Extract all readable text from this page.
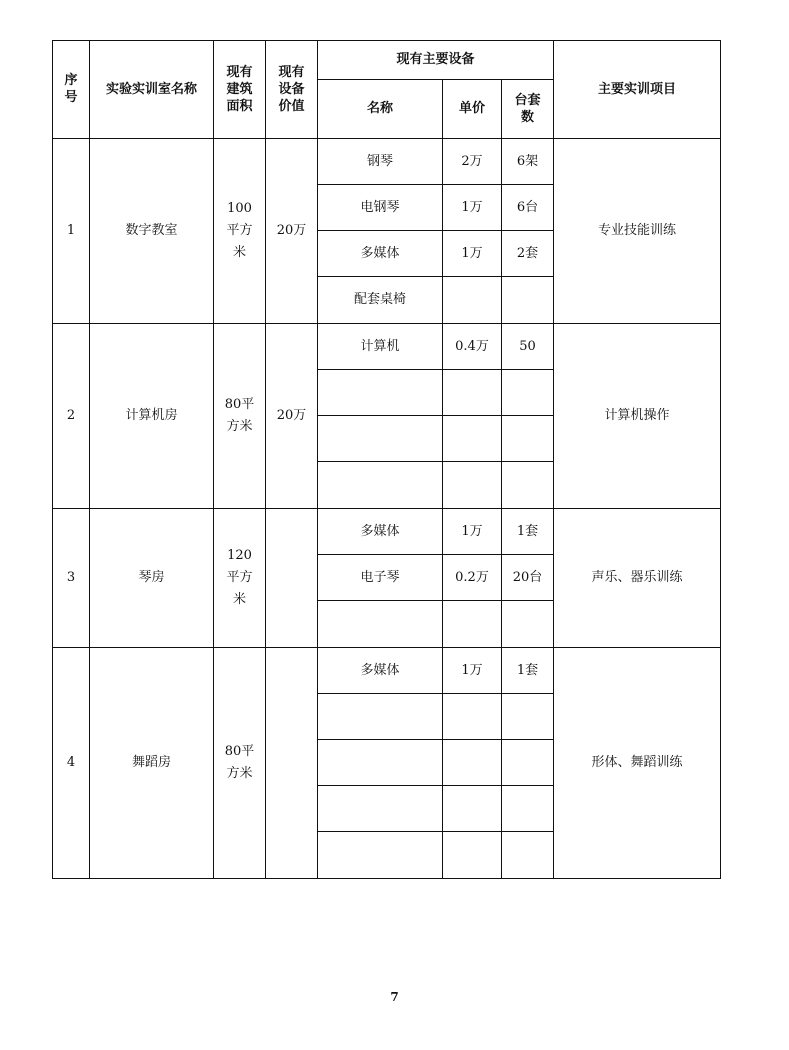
序号	实验实训室名称	现有建筑面积	现有设备价值	现有主要设备			主要实训项目
				名称	单价	台套数	
1	数字教室	100平方米	20万	钢琴	2万	6架	专业技能训练
				电钢琴	1万	6台	
				多媒体	1万	2套	
				配套桌椅			
2	计算机房	80平方米	20万	计算机	0.4万	50	计算机操作

3	琴房	120平方米		多媒体	1万	1套	声乐、器乐训练
				电子琴	0.2万	20台	

4	舞蹈房	80平方米		多媒体	1万	1套	形体、舞蹈训练

7
